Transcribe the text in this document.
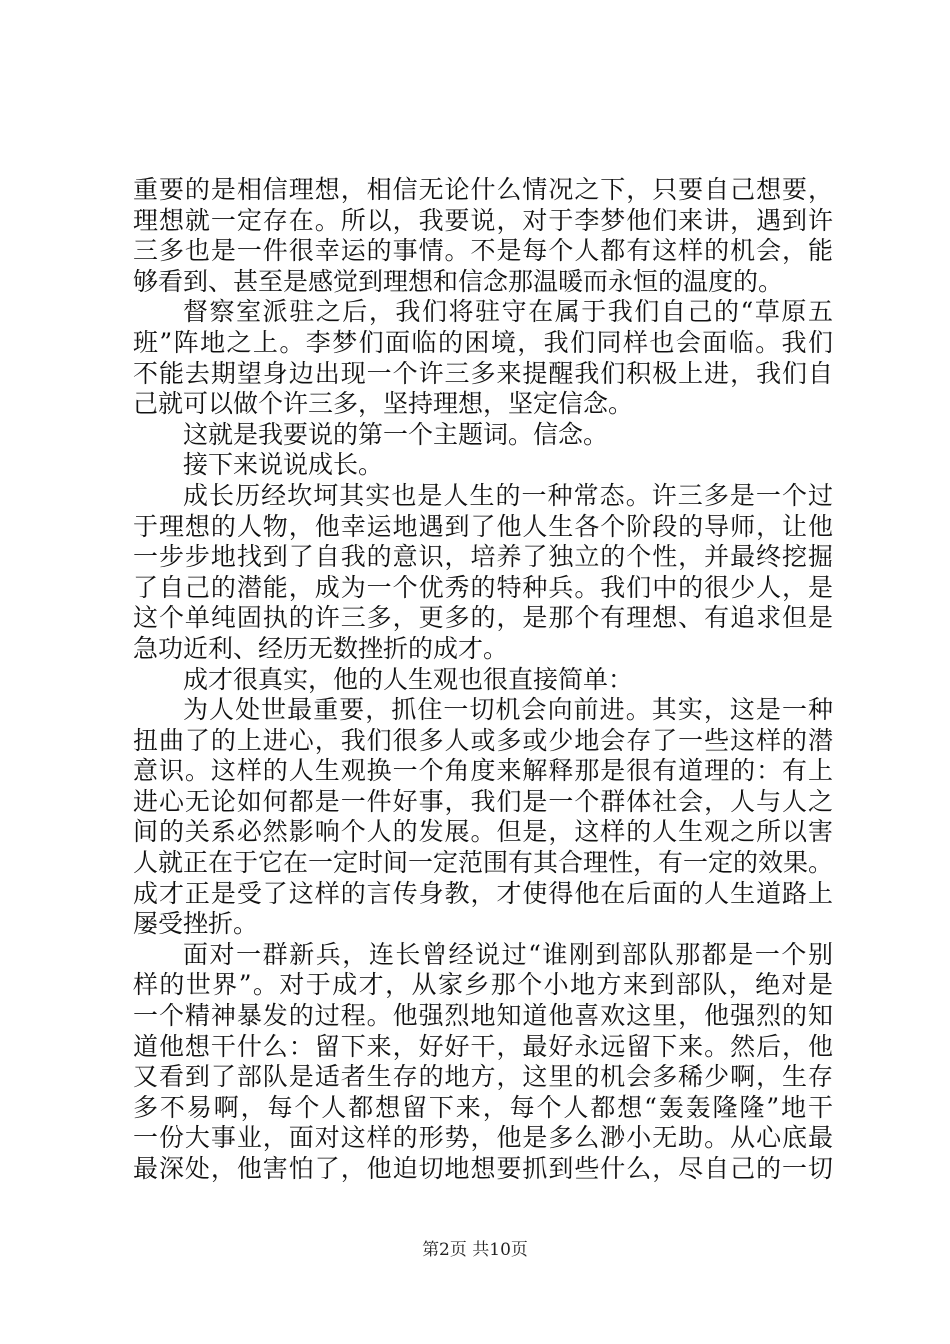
重要的是相信理想，相信无论什么情况之下，只要自己想要，
理想就一定存在。所以，我要说，对于李梦他们来讲，遇到许
三多也是一件很幸运的事情。不是每个人都有这样的机会，能
够看到、甚至是感觉到理想和信念那温暖而永恒的温度的。
督察室派驻之后，我们将驻守在属于我们自己的“草原五
班”阵地之上。李梦们面临的困境，我们同样也会面临。我们
不能去期望身边出现一个许三多来提醒我们积极上进，我们自
己就可以做个许三多，坚持理想，坚定信念。
这就是我要说的第一个主题词。信念。
接下来说说成长。
成长历经坎坷其实也是人生的一种常态。许三多是一个过
于理想的人物，他幸运地遇到了他人生各个阶段的导师，让他
一步步地找到了自我的意识，培养了独立的个性，并最终挖掘
了自己的潜能，成为一个优秀的特种兵。我们中的很少人，是
这个单纯固执的许三多，更多的，是那个有理想、有追求但是
急功近利、经历无数挫折的成才。
成才很真实，他的人生观也很直接简单：
为人处世最重要，抓住一切机会向前进。其实，这是一种
扭曲了的上进心，我们很多人或多或少地会存了一些这样的潜
意识。这样的人生观换一个角度来解释那是很有道理的：有上
进心无论如何都是一件好事，我们是一个群体社会，人与人之
间的关系必然影响个人的发展。但是，这样的人生观之所以害
人就正在于它在一定时间一定范围有其合理性，有一定的效果。
成才正是受了这样的言传身教，才使得他在后面的人生道路上
屡受挫折。
面对一群新兵，连长曾经说过“谁刚到部队那都是一个别
样的世界”。对于成才，从家乡那个小地方来到部队，绝对是
一个精神暴发的过程。他强烈地知道他喜欢这里，他强烈的知
道他想干什么：留下来，好好干，最好永远留下来。然后，他
又看到了部队是适者生存的地方，这里的机会多稀少啊，生存
多不易啊，每个人都想留下来，每个人都想“轰轰隆隆”地干
一份大事业，面对这样的形势，他是多么渺小无助。从心底最
最深处，他害怕了，他迫切地想要抓到些什么，尽自己的一切
第2页 共10页
